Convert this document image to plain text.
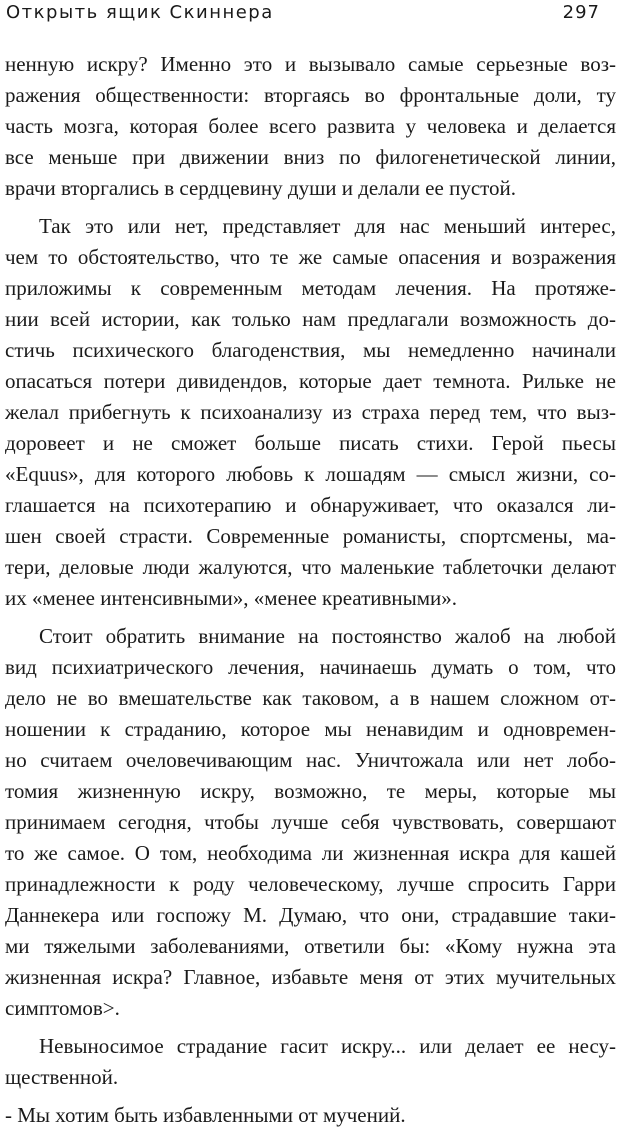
Открыть ящик Скиннера	297
ненную искру? Именно это и вызывало самые серьезные воз-
ражения общественности: вторгаясь во фронтальные доли, ту
часть мозга, которая более всего развита у человека и делается
все меньше при движении вниз по филогенетической линии,
врачи вторгались в сердцевину души и делали ее пустой.
Так это или нет, представляет для нас меньший интерес,
чем то обстоятельство, что те же самые опасения и возражения
приложимы к современным методам лечения. На протяже-
нии всей истории, как только нам предлагали возможность до-
стичь психического благоденствия, мы немедленно начинали
опасаться потери дивидендов, которые дает темнота. Рильке не
желал прибегнуть к психоанализу из страха перед тем, что выз-
доровеет и не сможет больше писать стихи. Герой пьесы
«Equus», для которого любовь к лошадям — смысл жизни, со-
глашается на психотерапию и обнаруживает, что оказался ли-
шен своей страсти. Современные романисты, спортсмены, ма-
тери, деловые люди жалуются, что маленькие таблеточки делают
их «менее интенсивными», «менее креативными».
Стоит обратить внимание на постоянство жалоб на любой
вид психиатрического лечения, начинаешь думать о том, что
дело не во вмешательстве как таковом, а в нашем сложном от-
ношении к страданию, которое мы ненавидим и одновремен-
но считаем очеловечивающим нас. Уничтожала или нет лобо-
томия жизненную искру, возможно, те меры, которые мы
принимаем сегодня, чтобы лучше себя чувствовать, совершают
то же самое. О том, необходима ли жизненная искра для кашей
принадлежности к роду человеческому, лучше спросить Гарри
Даннекера или госпожу М. Думаю, что они, страдавшие таки-
ми тяжелыми заболеваниями, ответили бы: «Кому нужна эта
жизненная искра? Главное, избавьте меня от этих мучительных
симптомов>.
Невыносимое страдание гасит искру... или делает ее несу-
щественной.
- Мы хотим быть избавленными от мучений.
